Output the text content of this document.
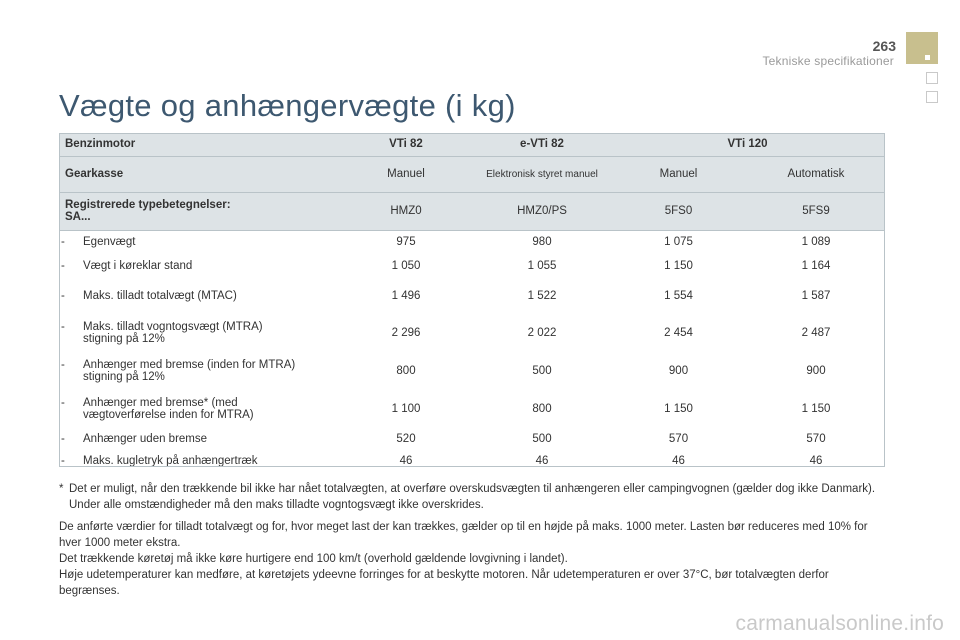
263
Tekniske specifikationer
Vægte og anhængervægte (i kg)
Benzinmotor	VTi 82	e-VTi 82	VTi 120	
Gearkasse	Manuel	Elektronisk styret manuel	Manuel	Automatisk

Registrerede typebetegnelser:
SA...	HMZ0	HMZ0/PS	5FS0	5FS9

- Egenvægt	975	980	1 075	1 089

- Vægt i køreklar stand	1 050	1 055	1 150	1 164

- Maks. tilladt totalvægt (MTAC)	1 496	1 522	1 554	1 587

- Maks. tilladt vogntogsvægt (MTRA)
stigning på 12%	2 296	2 022	2 454	2 487

- Anhænger med bremse (inden for MTRA)
stigning på 12%	800	500	900	900

- Anhænger med bremse* (med
vægtoverførelse inden for MTRA)	1 100	800	1 150	1 150

- Anhænger uden bremse	520	500	570	570

- Maks. kugletryk på anhængertræk	46	46	46	46
* Det er muligt, når den trækkende bil ikke har nået totalvægten, at overføre overskudsvægten til anhængeren eller campingvognen (gælder dog ikke Danmark). Under alle omstændigheder må den maks tilladte vogntogsvægt ikke overskrides.

De anførte værdier for tilladt totalvægt og for, hvor meget last der kan trækkes, gælder op til en højde på maks. 1000 meter. Lasten bør reduceres med 10% for hver 1000 meter ekstra.

Det trækkende køretøj må ikke køre hurtigere end 100 km/t (overhold gældende lovgivning i landet).

Høje udetemperaturer kan medføre, at køretøjets ydeevne forringes for at beskytte motoren. Når udetemperaturen er over 37°C, bør totalvægten derfor begrænses.

carmanualsonline.info
